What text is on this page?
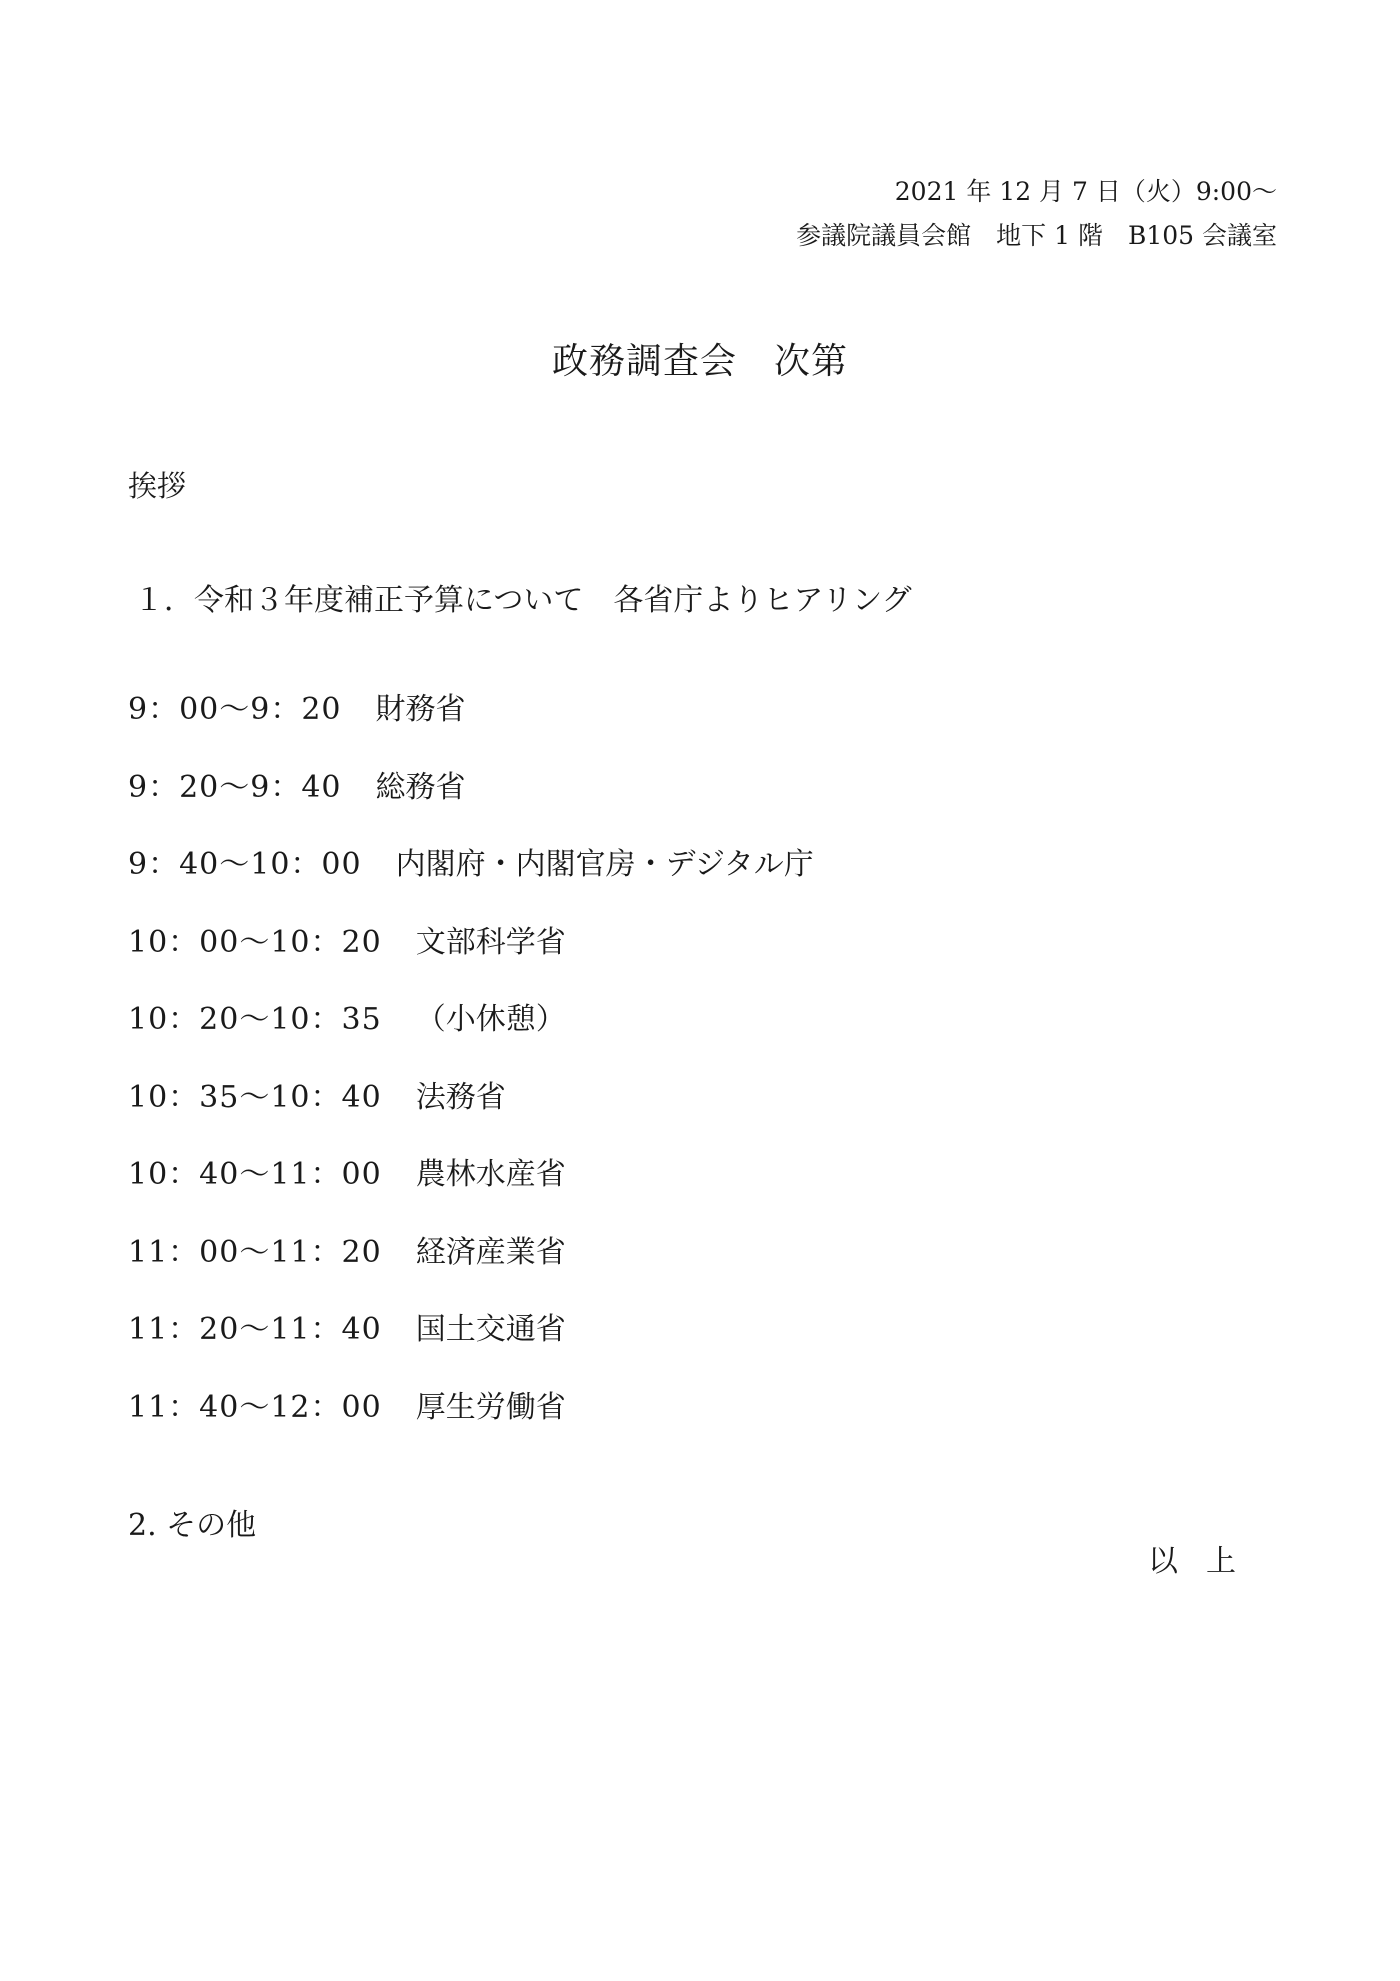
2021 年 12 月 7 日（火）9:00～
参議院議員会館　地下 1 階　B105 会議室
政務調査会　次第
挨拶
１．令和３年度補正予算について　各省庁よりヒアリング
9：00～9：20 財務省
9：20～9：40 総務省
9：40～10：00 内閣府・内閣官房・デジタル庁
10：00～10：20 文部科学省
10：20～10：35 （小休憩）
10：35～10：40 法務省
10：40～11：00 農林水産省
11：00～11：20 経済産業省
11：20～11：40 国土交通省
11：40～12：00 厚生労働省
2. その他
以上
